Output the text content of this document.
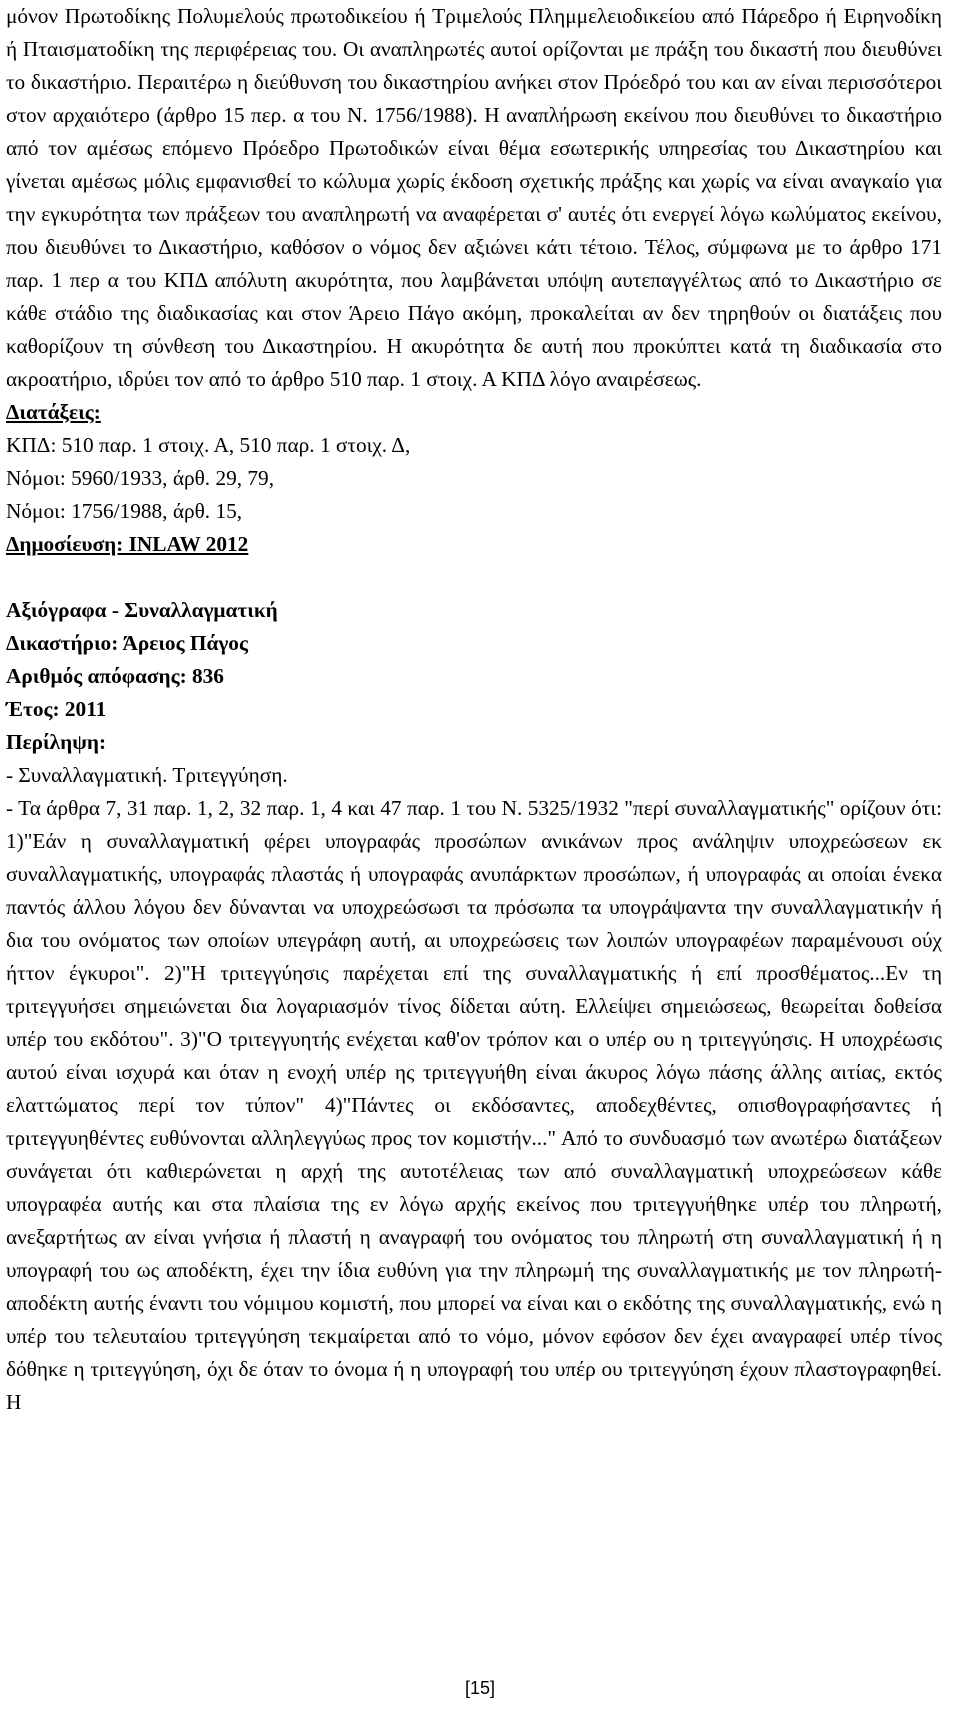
μόνον Πρωτοδίκης Πολυμελούς πρωτοδικείου ή Τριμελούς Πλημμελειοδικείου από Πάρεδρο ή Ειρηνοδίκη ή Πταισματοδίκη της περιφέρειας του. Οι αναπληρωτές αυτοί ορίζονται με πράξη του δικαστή που διευθύνει το δικαστήριο. Περαιτέρω η διεύθυνση του δικαστηρίου ανήκει στον Πρόεδρό του και αν είναι περισσότεροι στον αρχαιότερο (άρθρο 15 περ. α του Ν. 1756/1988). Η αναπλήρωση εκείνου που διευθύνει το δικαστήριο από τον αμέσως επόμενο Πρόεδρο Πρωτοδικών είναι θέμα εσωτερικής υπηρεσίας του Δικαστηρίου και γίνεται αμέσως μόλις εμφανισθεί το κώλυμα χωρίς έκδοση σχετικής πράξης και χωρίς να είναι αναγκαίο για την εγκυρότητα των πράξεων του αναπληρωτή να αναφέρεται σ' αυτές ότι ενεργεί λόγω κωλύματος εκείνου, που διευθύνει το Δικαστήριο, καθόσον ο νόμος δεν αξιώνει κάτι τέτοιο. Τέλος, σύμφωνα με το άρθρο 171 παρ. 1 περ α του ΚΠΔ απόλυτη ακυρότητα, που λαμβάνεται υπόψη αυτεπαγγέλτως από το Δικαστήριο σε κάθε στάδιο της διαδικασίας και στον Άρειο Πάγο ακόμη, προκαλείται αν δεν τηρηθούν οι διατάξεις που καθορίζουν τη σύνθεση του Δικαστηρίου. Η ακυρότητα δε αυτή που προκύπτει κατά τη διαδικασία στο ακροατήριο, ιδρύει τον από το άρθρο 510 παρ. 1 στοιχ. Α ΚΠΔ λόγο αναιρέσεως.

Διατάξεις:
ΚΠΔ: 510 παρ. 1 στοιχ. Α, 510 παρ. 1 στοιχ. Δ,
Νόμοι: 5960/1933, άρθ. 29, 79,
Νόμοι: 1756/1988, άρθ. 15,
Δημοσίευση: INLAW 2012
Αξιόγραφα - Συναλλαγματική
Δικαστήριο: Άρειος Πάγος
Αριθμός απόφασης: 836
Έτος: 2011
Περίληψη:
- Συναλλαγματική. Τριτεγγύηση.

- Τα άρθρα 7, 31 παρ. 1, 2, 32 παρ. 1, 4 και 47 παρ. 1 του Ν. 5325/1932 "περί συναλλαγματικής" ορίζουν ότι: 1)"Εάν η συναλλαγματική φέρει υπογραφάς προσώπων ανικάνων προς ανάληψιν υποχρεώσεων εκ συναλλαγματικής, υπογραφάς πλαστάς ή υπογραφάς ανυπάρκτων προσώπων, ή υπογραφάς αι οποίαι ένεκα παντός άλλου λόγου δεν δύνανται να υποχρεώσωσι τα πρόσωπα τα υπογράψαντα την συναλλαγματικήν ή δια του ονόματος των οποίων υπεγράφη αυτή, αι υποχρεώσεις των λοιπών υπογραφέων παραμένουσι ούχ ήττον έγκυροι". 2)"Η τριτεγγύησις παρέχεται επί της συναλλαγματικής ή επί προσθέματος...Εν τη τριτεγγυήσει σημειώνεται δια λογαριασμόν τίνος δίδεται αύτη. Ελλείψει σημειώσεως, θεωρείται δοθείσα υπέρ του εκδότου". 3)"Ο τριτεγγυητής ενέχεται καθ'ον τρόπον και ο υπέρ ου η τριτεγγύησις. Η υποχρέωσις αυτού είναι ισχυρά και όταν η ενοχή υπέρ ης τριτεγγυήθη είναι άκυρος λόγω πάσης άλλης αιτίας, εκτός ελαττώματος περί τον τύπον" 4)"Πάντες οι εκδόσαντες, αποδεχθέντες, οπισθογραφήσαντες ή τριτεγγυηθέντες ευθύνονται αλληλεγγύως προς τον κομιστήν..." Από το συνδυασμό των ανωτέρω διατάξεων συνάγεται ότι καθιερώνεται η αρχή της αυτοτέλειας των από συναλλαγματική υποχρεώσεων κάθε υπογραφέα αυτής και στα πλαίσια της εν λόγω αρχής εκείνος που τριτεγγυήθηκε υπέρ του πληρωτή, ανεξαρτήτως αν είναι γνήσια ή πλαστή η αναγραφή του ονόματος του πληρωτή στη συναλλαγματική ή η υπογραφή του ως αποδέκτη, έχει την ίδια ευθύνη για την πληρωμή της συναλλαγματικής με τον πληρωτή-αποδέκτη αυτής έναντι του νόμιμου κομιστή, που μπορεί να είναι και ο εκδότης της συναλλαγματικής, ενώ η υπέρ του τελευταίου τριτεγγύηση τεκμαίρεται από το νόμο, μόνον εφόσον δεν έχει αναγραφεί υπέρ τίνος δόθηκε η τριτεγγύηση, όχι δε όταν το όνομα ή η υπογραφή του υπέρ ου τριτεγγύηση έχουν πλαστογραφηθεί. Η

[15]
